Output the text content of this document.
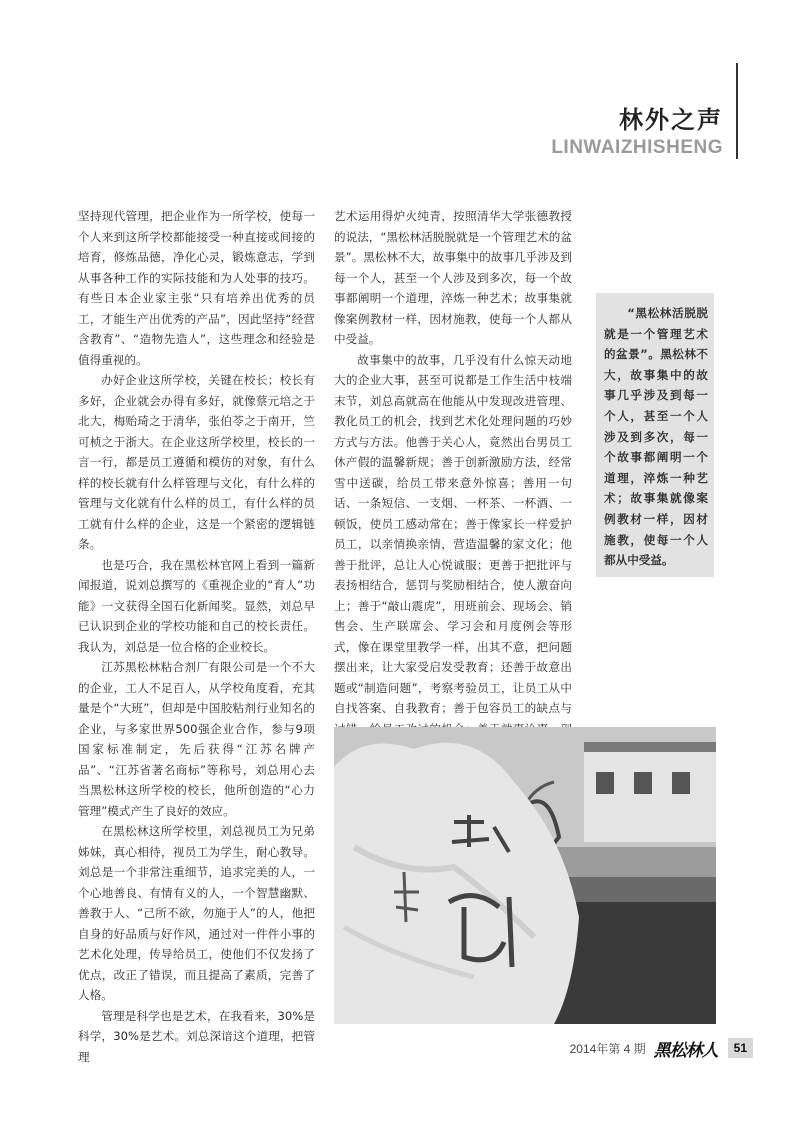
林外之声
LINWAIZHISHENG

坚持现代管理，把企业作为一所学校，使每一个人来到这所学校都能接受一种直接或间接的培育，修炼品德，净化心灵，锻炼意志，学到从事各种工作的实际技能和为人处事的技巧。有些日本企业家主张“只有培养出优秀的员工，才能生产出优秀的产品”，因此坚持“经营含教育”、“造物先造人”，这些理念和经验是值得重视的。

办好企业这所学校，关键在校长；校长有多好，企业就会办得有多好，就像蔡元培之于北大，梅贻琦之于清华，张伯苓之于南开，竺可桢之于浙大。在企业这所学校里，校长的一言一行，都是员工遵循和模仿的对象，有什么样的校长就有什么样管理与文化，有什么样的管理与文化就有什么样的员工，有什么样的员工就有什么样的企业，这是一个紧密的逻辑链条。

也是巧合，我在黑松林官网上看到一篇新闻报道，说刘总撰写的《重视企业的“育人”功能》一文获得全国石化新闻奖。显然，刘总早已认识到企业的学校功能和自己的校长责任。我认为，刘总是一位合格的企业校长。

江苏黑松林粘合剂厂有限公司是一个不大的企业，工人不足百人，从学校角度看，充其量是个“大班”，但却是中国胶粘剂行业知名的企业，与多家世界500强企业合作，参与9项国家标准制定，先后获得“江苏名牌产品”、“江苏省著名商标”等称号，刘总用心去当黑松林这所学校的校长，他所创造的“心力管理”模式产生了良好的效应。

在黑松林这所学校里，刘总视员工为兄弟姊妹，真心相待，视员工为学生，耐心教导。刘总是一个非常注重细节，追求完美的人，一个心地善良、有情有义的人，一个智慧幽默、善教于人、“己所不欲，勿施于人”的人，他把自身的好品质与好作风，通过对一件件小事的艺术化处理，传导给员工，使他们不仅发扬了优点，改正了错误，而且提高了素质，完善了人格。

管理是科学也是艺术，在我看来，30%是科学，30%是艺术。刘总深谙这个道理，把管理

艺术运用得炉火纯青，按照清华大学张德教授的说法，“黑松林活脱脱就是一个管理艺术的盆景”。黑松林不大，故事集中的故事几乎涉及到每一个人，甚至一个人涉及到多次，每一个故事都阐明一个道理，淬炼一种艺术；故事集就像案例教材一样，因材施教，使每一个人都从中受益。

故事集中的故事，几乎没有什么惊天动地大的企业大事，甚至可说都是工作生活中枝端末节，刘总高就高在他能从中发现改进管理、教化员工的机会，找到艺术化处理问题的巧妙方式与方法。他善于关心人，竟然出台男员工休产假的温馨新规；善于创新激励方法，经常雪中送碳，给员工带来意外惊喜；善用一句话、一条短信、一支烟、一杯茶、一杯酒、一顿饭，使员工感动常在；善于像家长一样爱护员工，以亲情换亲情，营造温馨的家文化；他善于批评，总让人心悦诚服；更善于把批评与表扬相结合，惩罚与奖励相结合，使人激奋向上；善于“敲山震虎”，用班前会、现场会、销售会、生产联席会、学习会和月度例会等形式，像在课堂里教学一样，出其不意，把问题摆出来，让大家受启发受教育；还善于故意出题或“制造问题”，考察考验员工，让员工从中自找答案、自我教育；善于包容员工的缺点与

“黑松林活脱脱就是一个管理艺术的盆景”。黑松林不大，故事集中的故事几乎涉及到每一个人，甚至一个人涉及到多次，每一个故事都阐明一个道理，淬炼一种艺术；故事集就像案例教材一样，因材施教，使每一个人都从中受益。
2014年第 4 期 黑松林人	51
